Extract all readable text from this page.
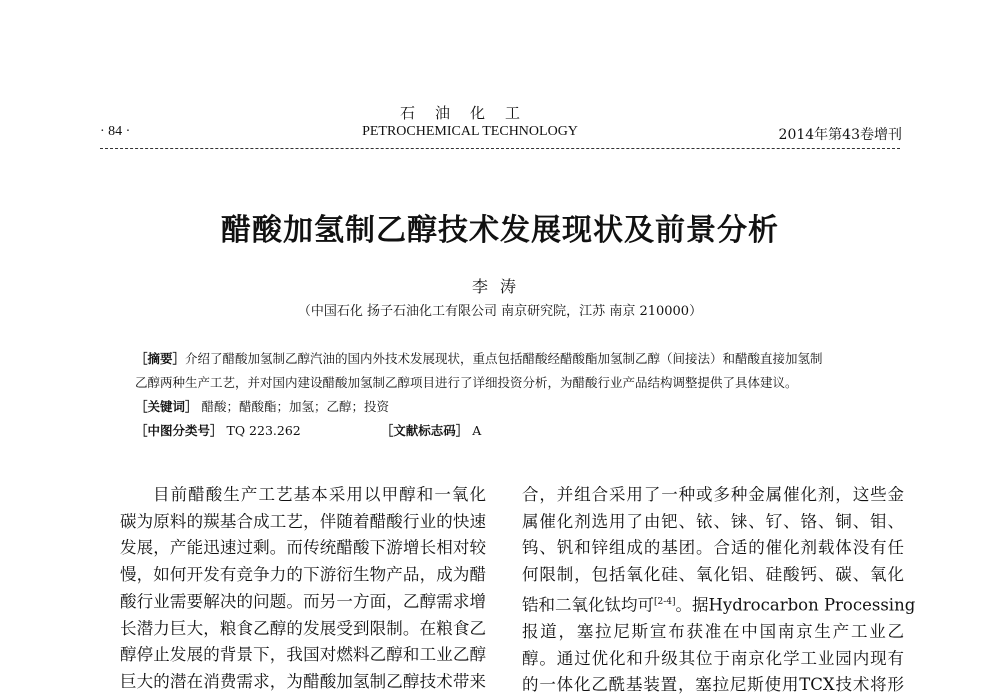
石油化工
PETROCHEMICAL TECHNOLOGY
· 84 ·	2014年第43卷增刊
醋酸加氢制乙醇技术发展现状及前景分析
李涛
（中国石化 扬子石油化工有限公司 南京研究院，江苏 南京 210000）
［摘要］介绍了醋酸加氢制乙醇汽油的国内外技术发展现状，重点包括醋酸经醋酸酯加氢制乙醇（间接法）和醋酸直接加氢制
乙醇两种生产工艺，并对国内建设醋酸加氢制乙醇项目进行了详细投资分析，为醋酸行业产品结构调整提供了具体建议。
［关键词］ 醋酸；醋酸酯；加氢；乙醇；投资
［中图分类号］ TQ 223.262	［文献标志码］ A
目前醋酸生产工艺基本采用以甲醇和一氧化
碳为原料的羰基合成工艺，伴随着醋酸行业的快速
发展，产能迅速过剩。而传统醋酸下游增长相对较
慢，如何开发有竞争力的下游衍生物产品，成为醋
酸行业需要解决的问题。而另一方面，乙醇需求增
长潜力巨大，粮食乙醇的发展受到限制。在粮食乙
醇停止发展的背景下，我国对燃料乙醇和工业乙醇
巨大的潜在消费需求，为醋酸加氢制乙醇技术带来
合，并组合采用了一种或多种金属催化剂，这些金
属催化剂选用了由钯、铱、铼、钌、铬、铜、钼、
钨、钒和锌组成的基团。合适的催化剂载体没有任
何限制，包括氧化硅、氧化铝、硅酸钙、碳、氧化
锆和二氧化钛均可[2-4]。据Hydrocarbon Processing
报道，塞拉尼斯宣布获准在中国南京生产工业乙
醇。通过优化和升级其位于南京化学工业园内现有
的一体化乙酰基装置，塞拉尼斯使用TCX技术将形
